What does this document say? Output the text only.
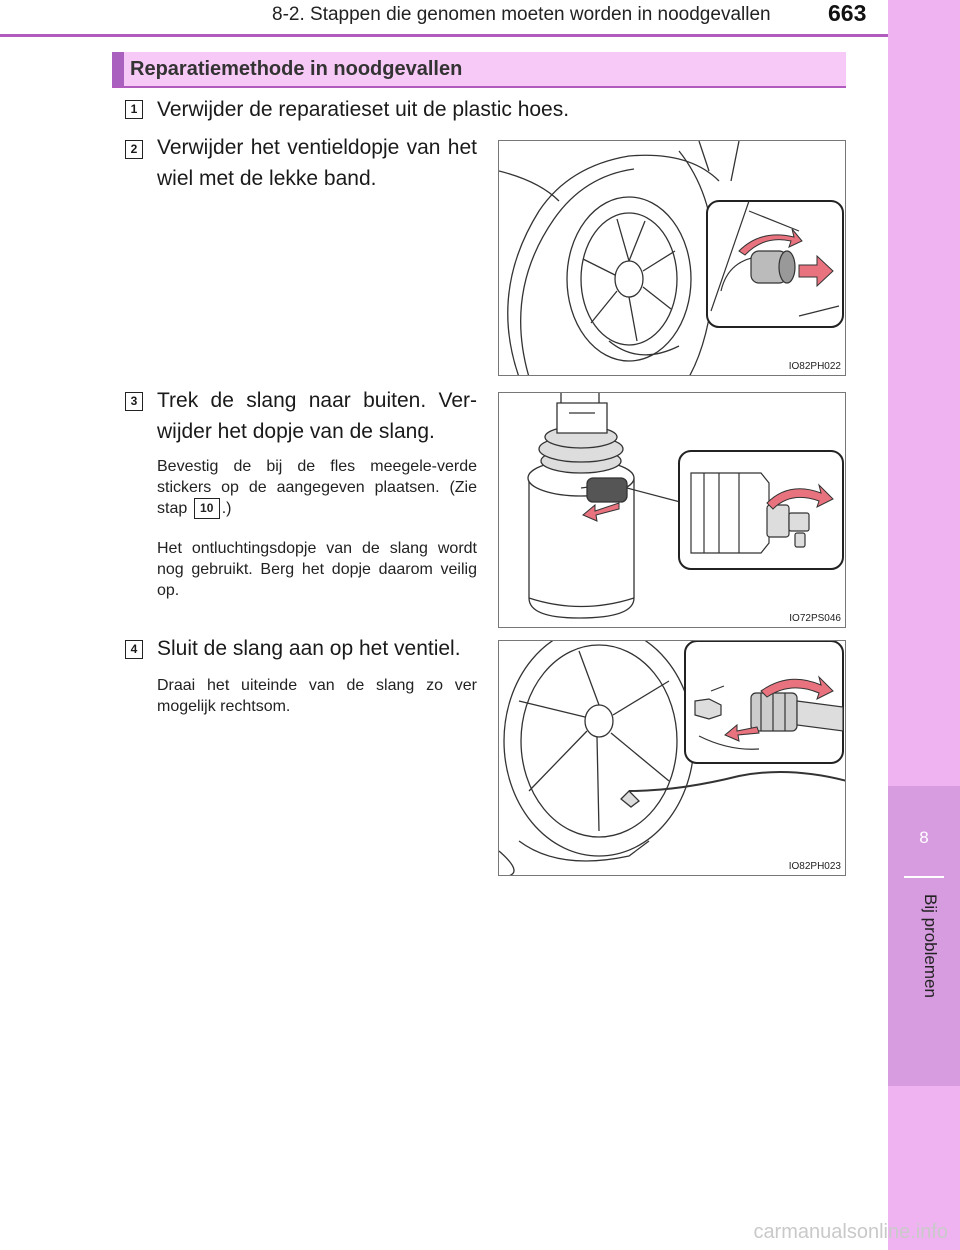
8-2. Stappen die genomen moeten worden in noodgevallen 663
8
Bij problemen
Reparatiemethode in noodgevallen
1 Verwijder de reparatieset uit de plastic hoes.
2 Verwijder het ventieldopje van het wiel met de lekke band.
IO82PH022
3 Trek de slang naar buiten. Ver-wijder het dopje van de slang.
Bevestig de bij de fles meegele-verde stickers op de aangegeven plaatsen. (Zie stap 10 .)
Het ontluchtingsdopje van de slang wordt nog gebruikt. Berg het dopje daarom veilig op.
IO72PS046
4 Sluit de slang aan op het ventiel.
Draai het uiteinde van de slang zo ver mogelijk rechtsom.
IO82PH023
carmanualsonline.info
